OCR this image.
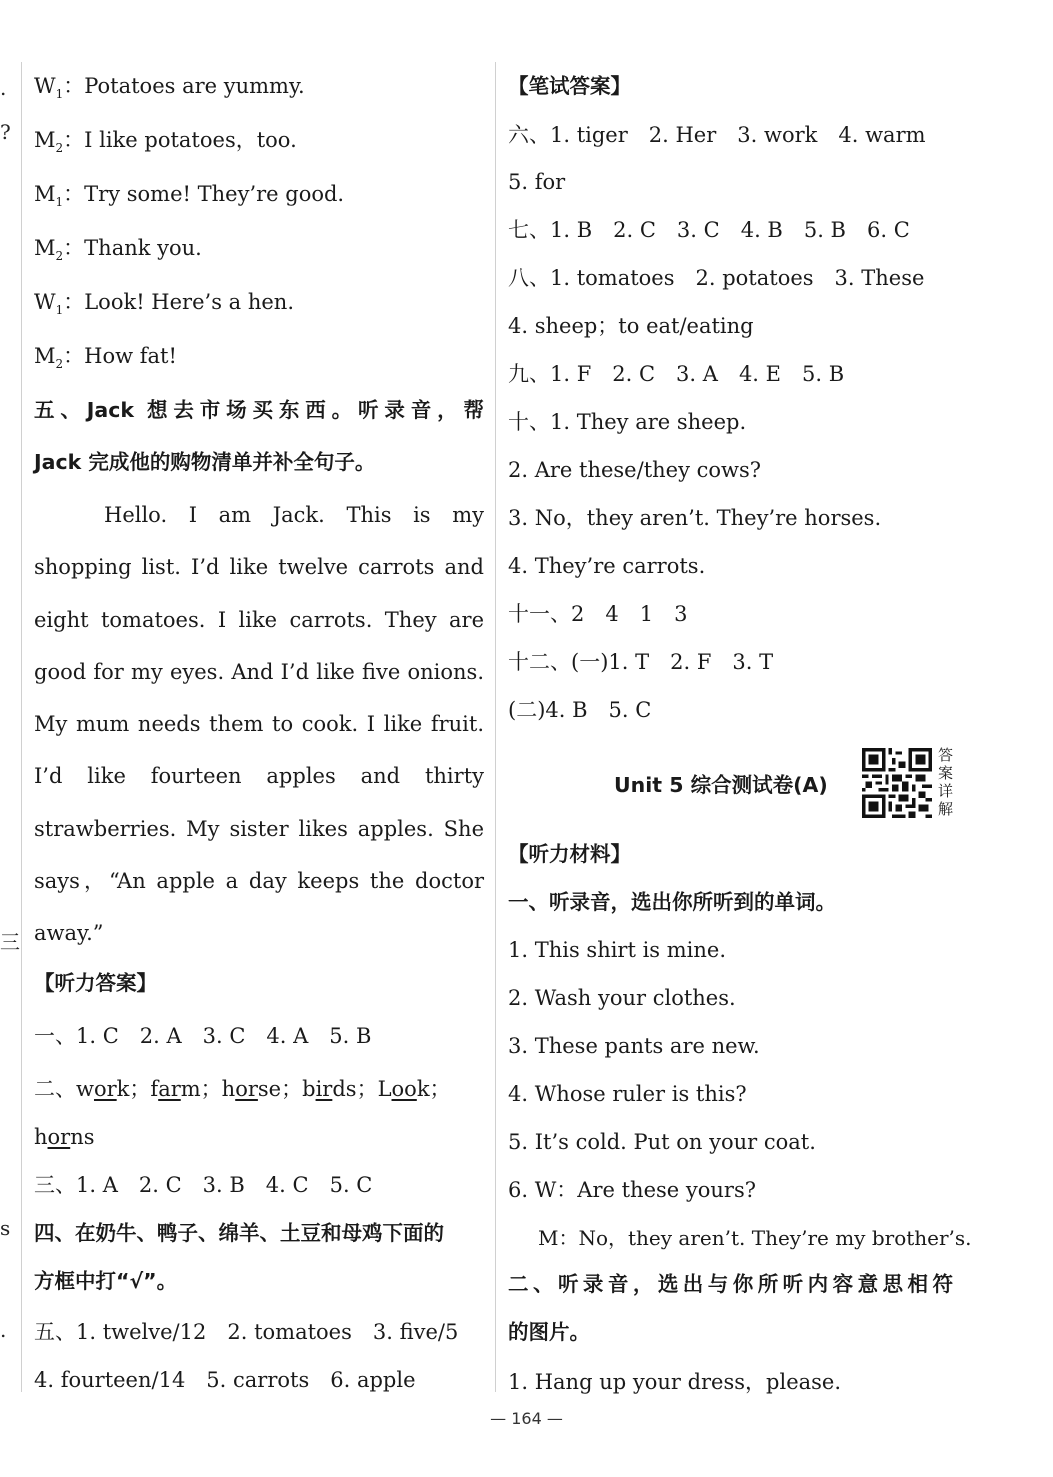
.
?
三
s
.
$W_1$：Potatoes are yummy.
$M_2$：I like potatoes，too.
$M_1$：Try some! They’re good.
$M_2$：Thank you.
$W_1$：Look! Here’s a hen.
$M_2$：How fat!
五、Jack 想去市场买东西。听录音，帮
Jack 完成他的购物清单并补全句子。
Hello. I am Jack. This is my shopping list. I’d like twelve carrots and eight tomatoes. I like carrots. They are good for my eyes. And I’d like five onions. My mum needs them to cook. I like fruit. I’d like fourteen apples and thirty strawberries. My sister likes apples. She says，“An apple a day keeps the doctor away.”
【听力答案】
一、1. C　2. A　3. C　4. A　5. B
二、work；farm；horse；birds；Look；
horns
三、1. A　2. C　3. B　4. C　5. C
四、在奶牛、鸭子、绵羊、土豆和母鸡下面的
方框中打“√”。
五、1. twelve/12　2. tomatoes　3. five/5
4. fourteen/14　5. carrots　6. apple
【笔试答案】
六、1. tiger　2. Her　3. work　4. warm
5. for
七、1. B　2. C　3. C　4. B　5. B　6. C
八、1. tomatoes　2. potatoes　3. These
4. sheep；to eat/eating
九、1. F　2. C　3. A　4. E　5. B
十、1. They are sheep.
2. Are these/they cows?
3. No，they aren’t. They’re horses.
4. They’re carrots.
十一、2　4　1　3
十二、(一)1. T　2. F　3. T
(二)4. B　5. C
【听力材料】
一、听录音，选出你所听到的单词。
1. This shirt is mine.
2. Wash your clothes.
3. These pants are new.
4. Whose ruler is this?
5. It’s cold. Put on your coat.
6. W：Are these yours?
M：No，they aren’t. They’re my brother’s.
二、听录音，选出与你所听内容意思相符
的图片。
1. Hang up your dress，please.
Unit 5 综合测试卷(A)
答案详解
— 164 —
